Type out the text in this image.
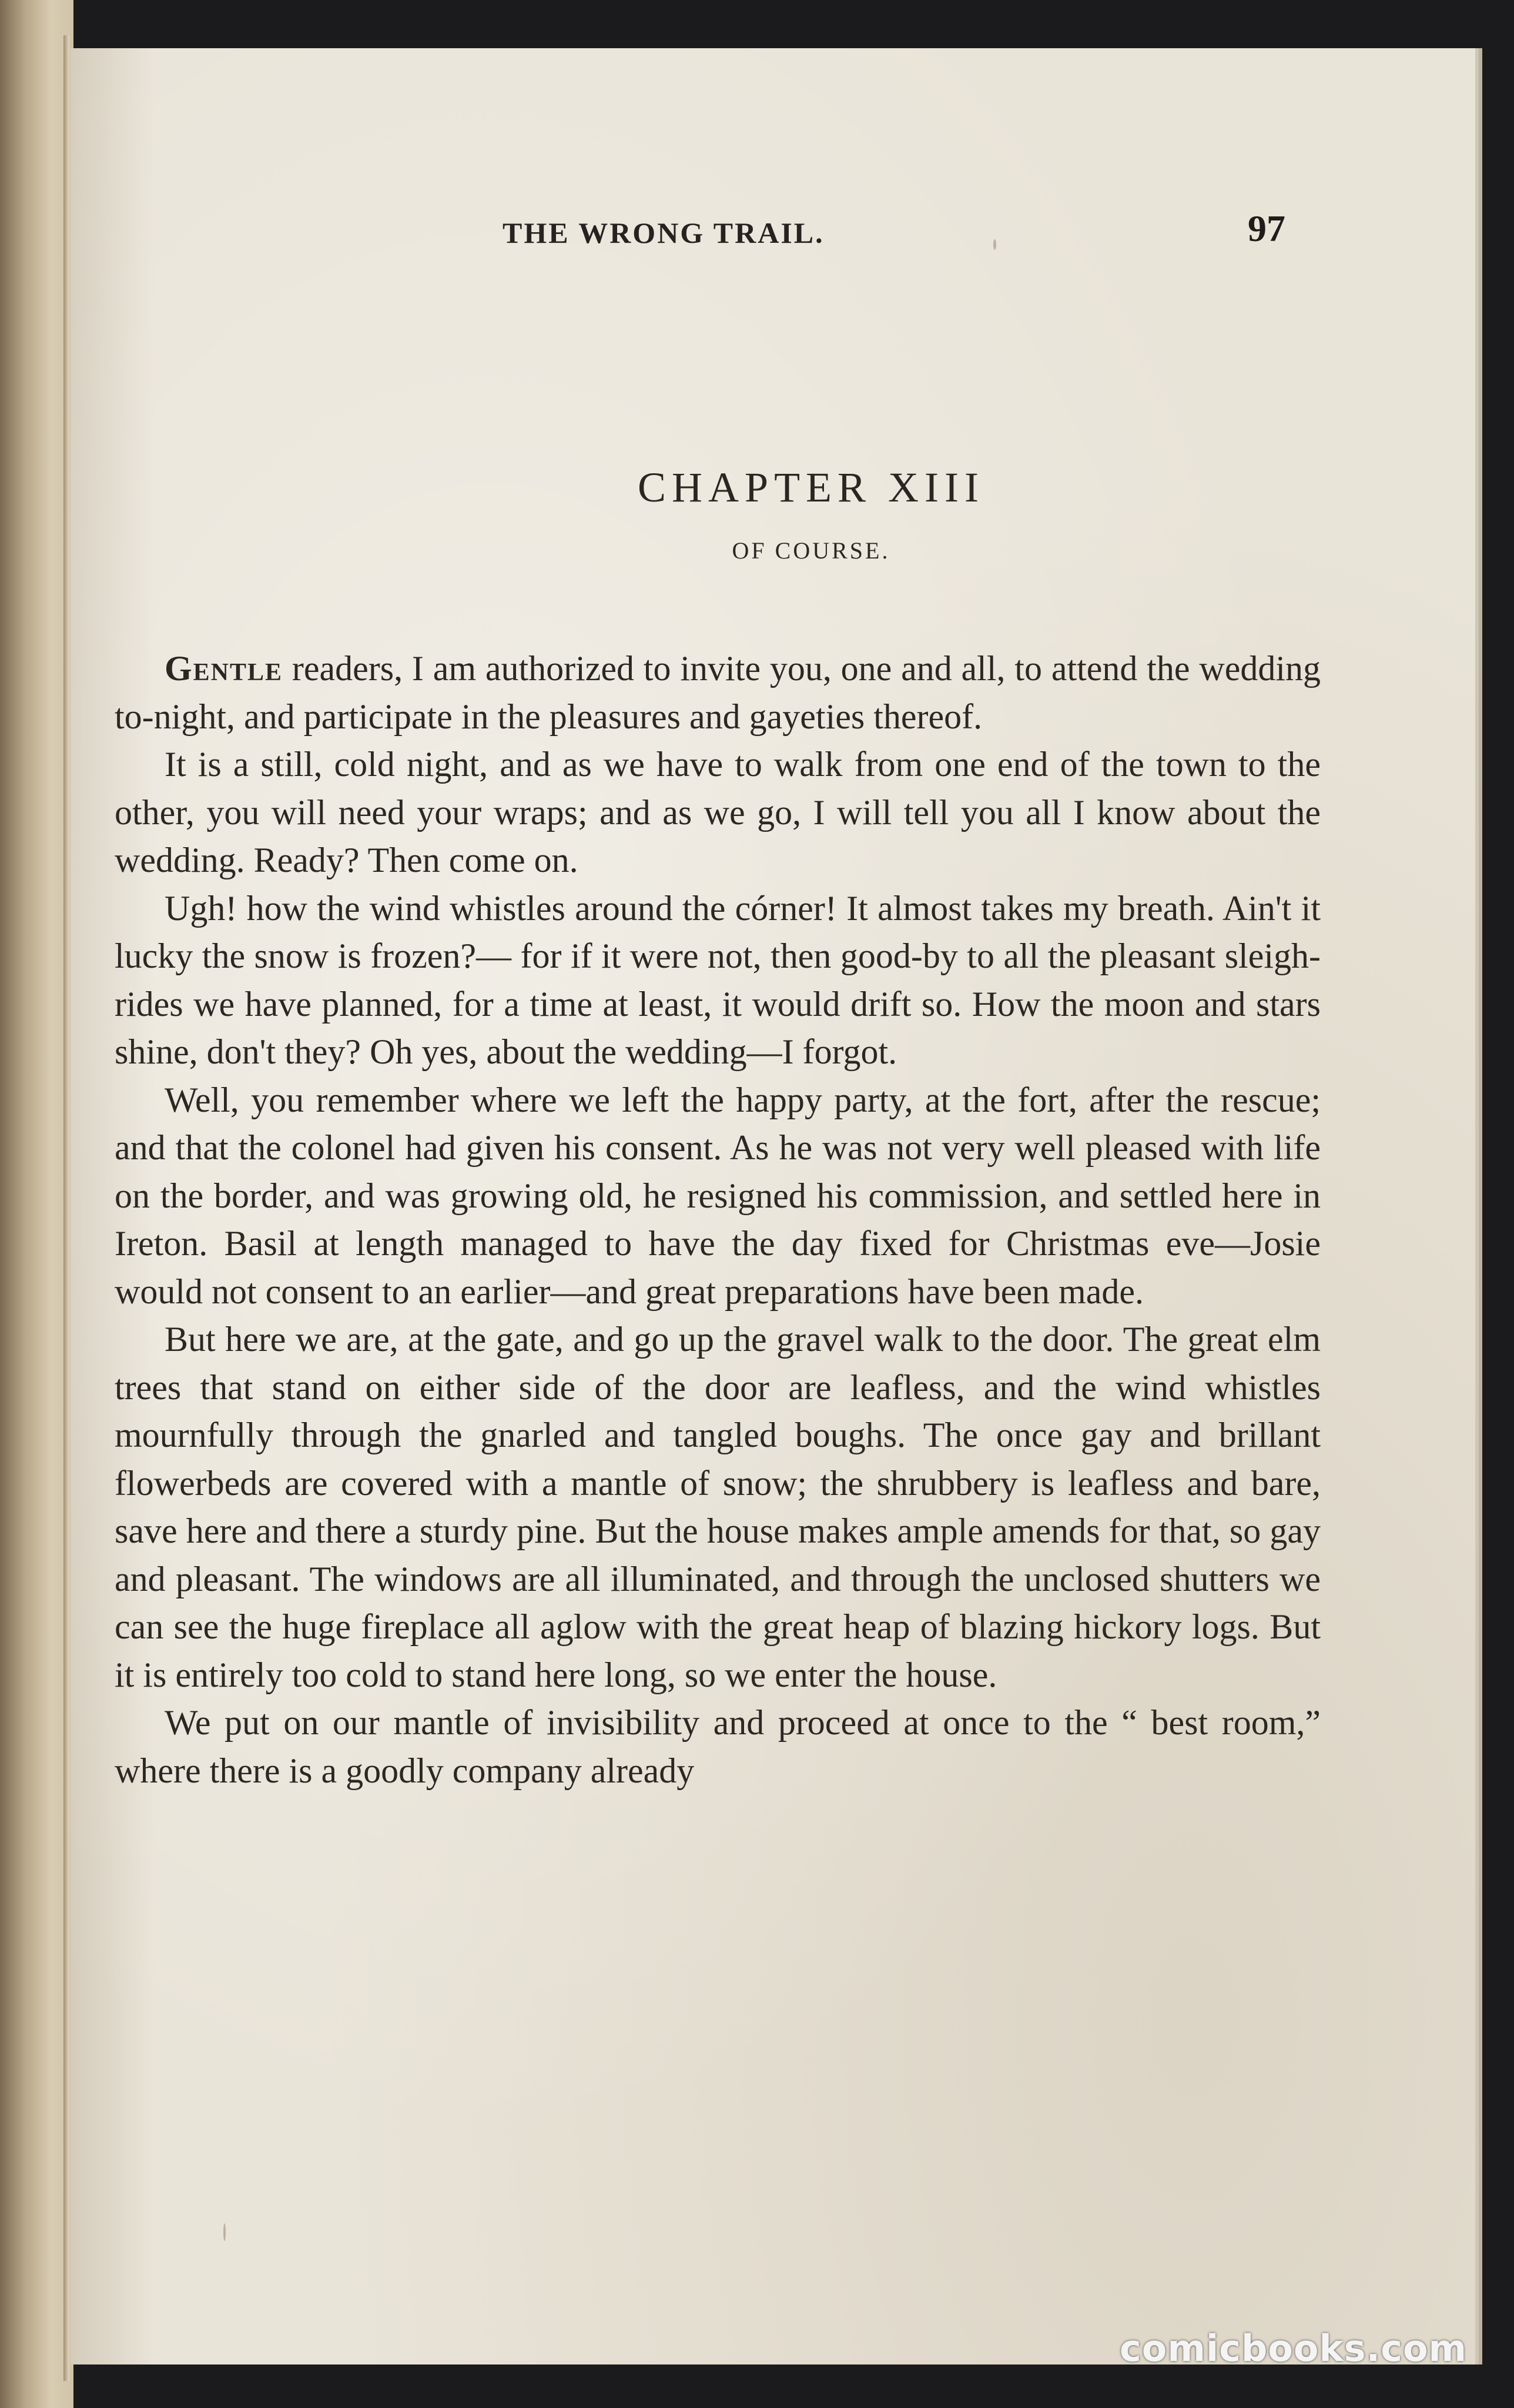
THE WRONG TRAIL.	97
CHAPTER XIII
OF COURSE.

Gentle readers, I am authorized to invite you, one and all, to attend the wedding to-night, and participate in the pleasures and gayeties thereof.

It is a still, cold night, and as we have to walk from one end of the town to the other, you will need your wraps; and as we go, I will tell you all I know about the wedding. Ready? Then come on.

Ugh! how the wind whistles around the córner! It almost takes my breath. Ain't it lucky the snow is frozen?— for if it were not, then good-by to all the pleasant sleigh-rides we have planned, for a time at least, it would drift so. How the moon and stars shine, don't they? Oh yes, about the wedding—I forgot.

Well, you remember where we left the happy party, at the fort, after the rescue; and that the colonel had given his consent. As he was not very well pleased with life on the border, and was growing old, he resigned his commission, and settled here in Ireton. Basil at length managed to have the day fixed for Christmas eve—Josie would not consent to an earlier—and great preparations have been made.

But here we are, at the gate, and go up the gravel walk to the door. The great elm trees that stand on either side of the door are leafless, and the wind whistles mournfully through the gnarled and tangled boughs. The once gay and brillant flowerbeds are covered with a mantle of snow; the shrubbery is leafless and bare, save here and there a sturdy pine. But the house makes ample amends for that, so gay and pleasant. The windows are all illuminated, and through the unclosed shutters we can see the huge fireplace all aglow with the great heap of blazing hickory logs. But it is entirely too cold to stand here long, so we enter the house.

We put on our mantle of invisibility and proceed at once to the “ best room,” where there is a goodly company already

comicbooks.com
